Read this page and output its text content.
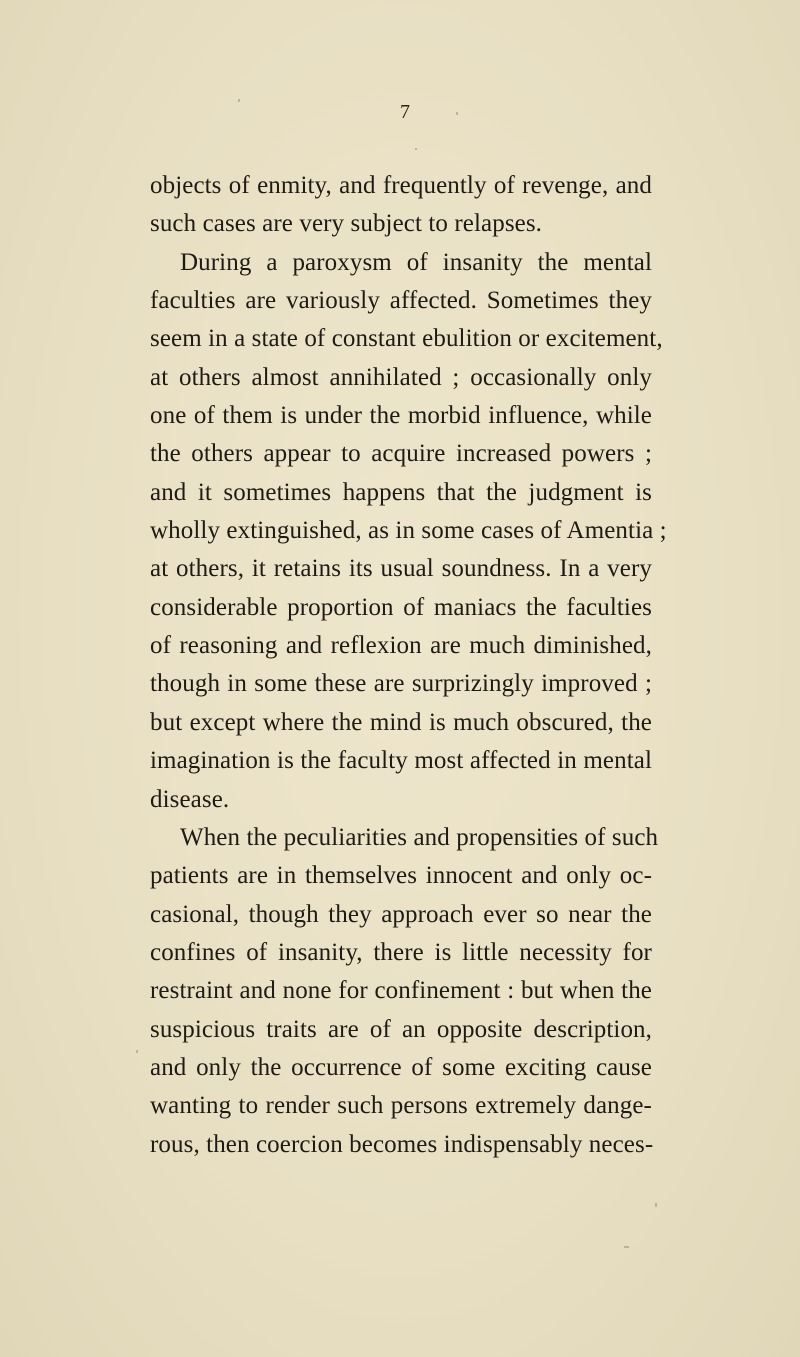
7
objects of enmity, and frequently of revenge, and
such cases are very subject to relapses.
During a paroxysm of insanity the mental
faculties are variously affected. Sometimes they
seem in a state of constant ebulition or excitement,
at others almost annihilated ; occasionally only
one of them is under the morbid influence, while
the others appear to acquire increased powers ;
and it sometimes happens that the judgment is
wholly extinguished, as in some cases of Amentia ;
at others, it retains its usual soundness. In a very
considerable proportion of maniacs the faculties
of reasoning and reflexion are much diminished,
though in some these are surprizingly improved ;
but except where the mind is much obscured, the
imagination is the faculty most affected in mental
disease.
When the peculiarities and propensities of such
patients are in themselves innocent and only oc-
casional, though they approach ever so near the
confines of insanity, there is little necessity for
restraint and none for confinement : but when the
suspicious traits are of an opposite description,
and only the occurrence of some exciting cause
wanting to render such persons extremely dange-
rous, then coercion becomes indispensably neces-
